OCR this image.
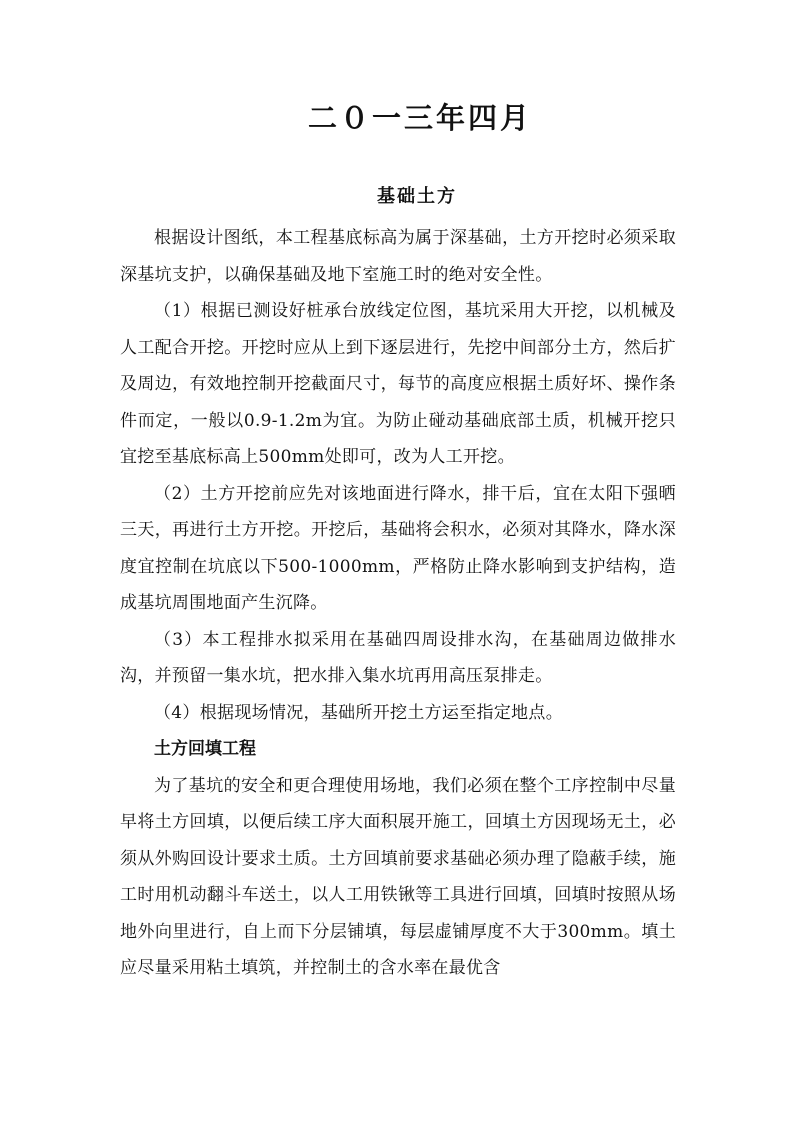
二０一三年四月
基础土方

根据设计图纸，本工程基底标高为属于深基础，土方开挖时必须采取深基坑支护，以确保基础及地下室施工时的绝对安全性。

（1）根据已测设好桩承台放线定位图，基坑采用大开挖，以机械及人工配合开挖。开挖时应从上到下逐层进行，先挖中间部分土方，然后扩及周边，有效地控制开挖截面尺寸，每节的高度应根据土质好坏、操作条件而定，一般以0.9-1.2m为宜。为防止碰动基础底部土质，机械开挖只宜挖至基底标高上500mm处即可，改为人工开挖。

（2）土方开挖前应先对该地面进行降水，排干后，宜在太阳下强晒三天，再进行土方开挖。开挖后，基础将会积水，必须对其降水，降水深度宜控制在坑底以下500-1000mm，严格防止降水影响到支护结构，造成基坑周围地面产生沉降。

（3）本工程排水拟采用在基础四周设排水沟，在基础周边做排水沟，并预留一集水坑，把水排入集水坑再用高压泵排走。

（4）根据现场情况，基础所开挖土方运至指定地点。

土方回填工程

为了基坑的安全和更合理使用场地，我们必须在整个工序控制中尽量早将土方回填，以便后续工序大面积展开施工，回填土方因现场无土，必须从外购回设计要求土质。土方回填前要求基础必须办理了隐蔽手续，施工时用机动翻斗车送土，以人工用铁锹等工具进行回填，回填时按照从场地外向里进行，自上而下分层铺填，每层虚铺厚度不大于300mm。填土应尽量采用粘土填筑，并控制土的含水率在最优含
